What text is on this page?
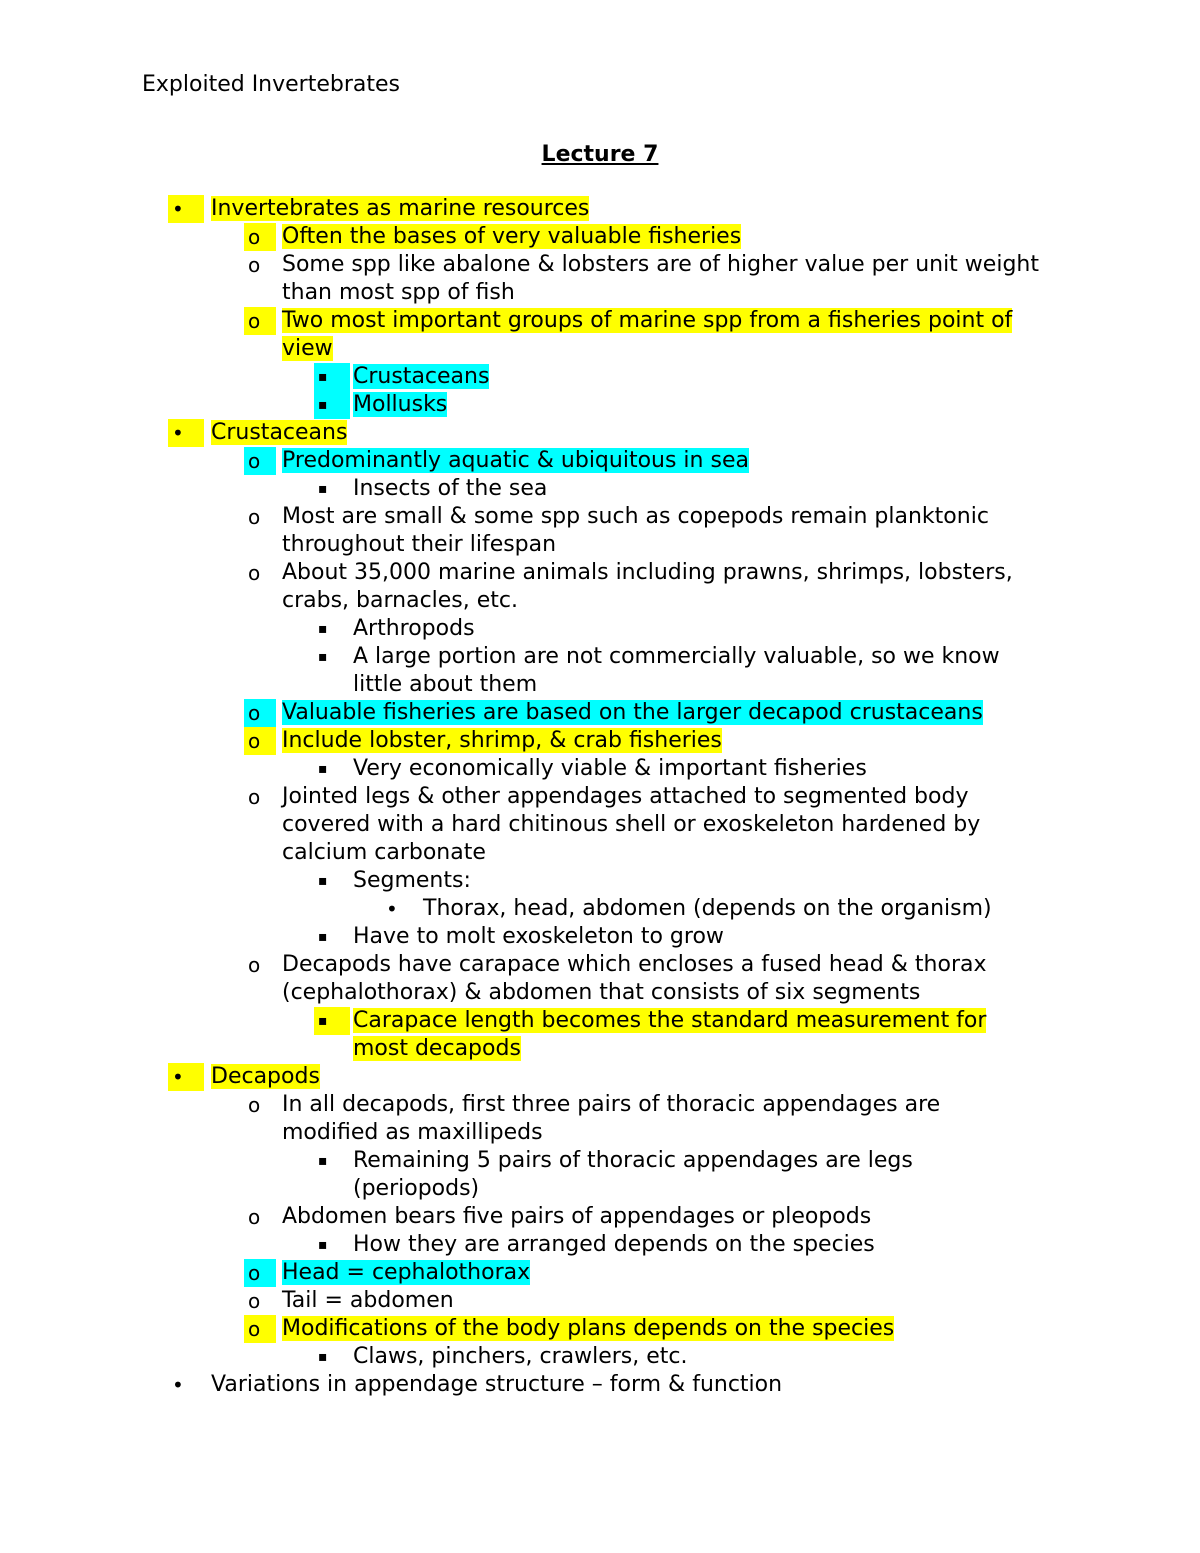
Exploited Invertebrates
Lecture 7
•	Invertebrates as marine resources
o Often the bases of very valuable fisheries
o Some spp like abalone & lobsters are of higher value per unit weight than most spp of fish
o Two most important groups of marine spp from a fisheries point of view
▪	Crustaceans
▪	Mollusks
•	Crustaceans
o Predominantly aquatic & ubiquitous in sea
▪ Insects of the sea
o Most are small & some spp such as copepods remain planktonic throughout their lifespan
o About 35,000 marine animals including prawns, shrimps, lobsters, crabs, barnacles, etc.
▪ Arthropods
▪ A large portion are not commercially valuable, so we know little about them
o Valuable fisheries are based on the larger decapod crustaceans
o Include lobster, shrimp, & crab fisheries
▪ Very economically viable & important fisheries
o Jointed legs & other appendages attached to segmented body covered with a hard chitinous shell or exoskeleton hardened by calcium carbonate
▪ Segments:
• Thorax, head, abdomen (depends on the organism)
▪ Have to molt exoskeleton to grow
o Decapods have carapace which encloses a fused head & thorax (cephalothorax) & abdomen that consists of six segments
▪	Carapace length becomes the standard measurement for most decapods
•	Decapods
o In all decapods, first three pairs of thoracic appendages are modified as maxillipeds
▪ Remaining 5 pairs of thoracic appendages are legs (periopods)
o Abdomen bears five pairs of appendages or pleopods
▪ How they are arranged depends on the species
o Head = cephalothorax
o Tail = abdomen
o Modifications of the body plans depends on the species
▪ Claws, pinchers, crawlers, etc.
• Variations in appendage structure – form & function
